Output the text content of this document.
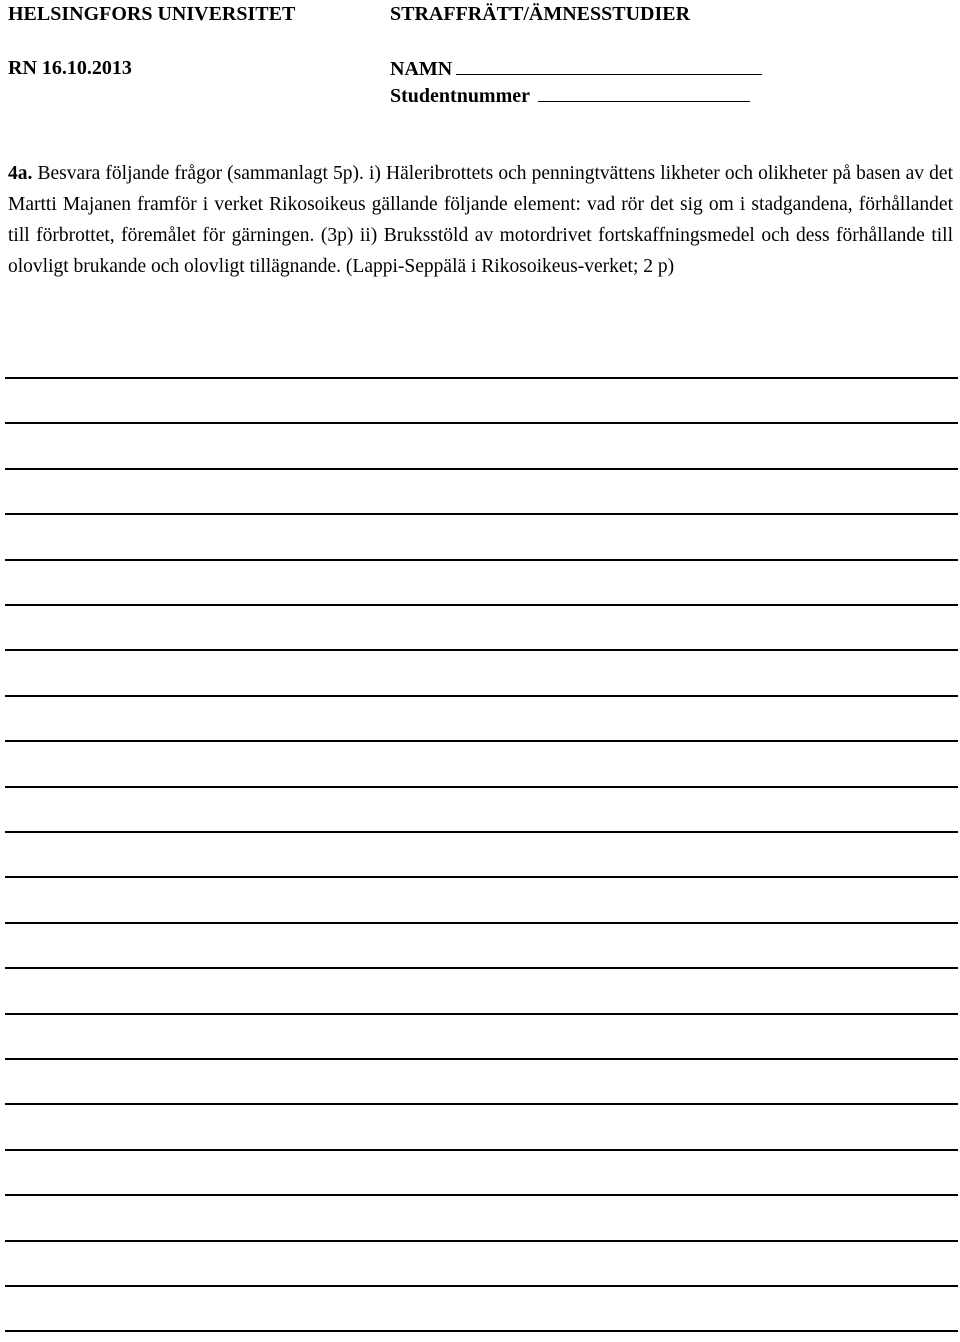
HELSINGFORS UNIVERSITET	STRAFFRÄTT/ÄMNESSTUDIER
RN 16.10.2013	NAMN
Studentnummer
4a. Besvara följande frågor (sammanlagt 5p). i) Häleribrottets och penningtvättens likheter och olikheter på basen av det Martti Majanen framför i verket Rikosoikeus gällande följande element: vad rör det sig om i stadgandena, förhållandet till förbrottet, föremålet för gärningen. (3p) ii) Bruksstöld av motordrivet fortskaffningsmedel och dess förhållande till olovligt brukande och olovligt tillägnande. (Lappi-Seppälä i Rikosoikeus-verket; 2 p)
